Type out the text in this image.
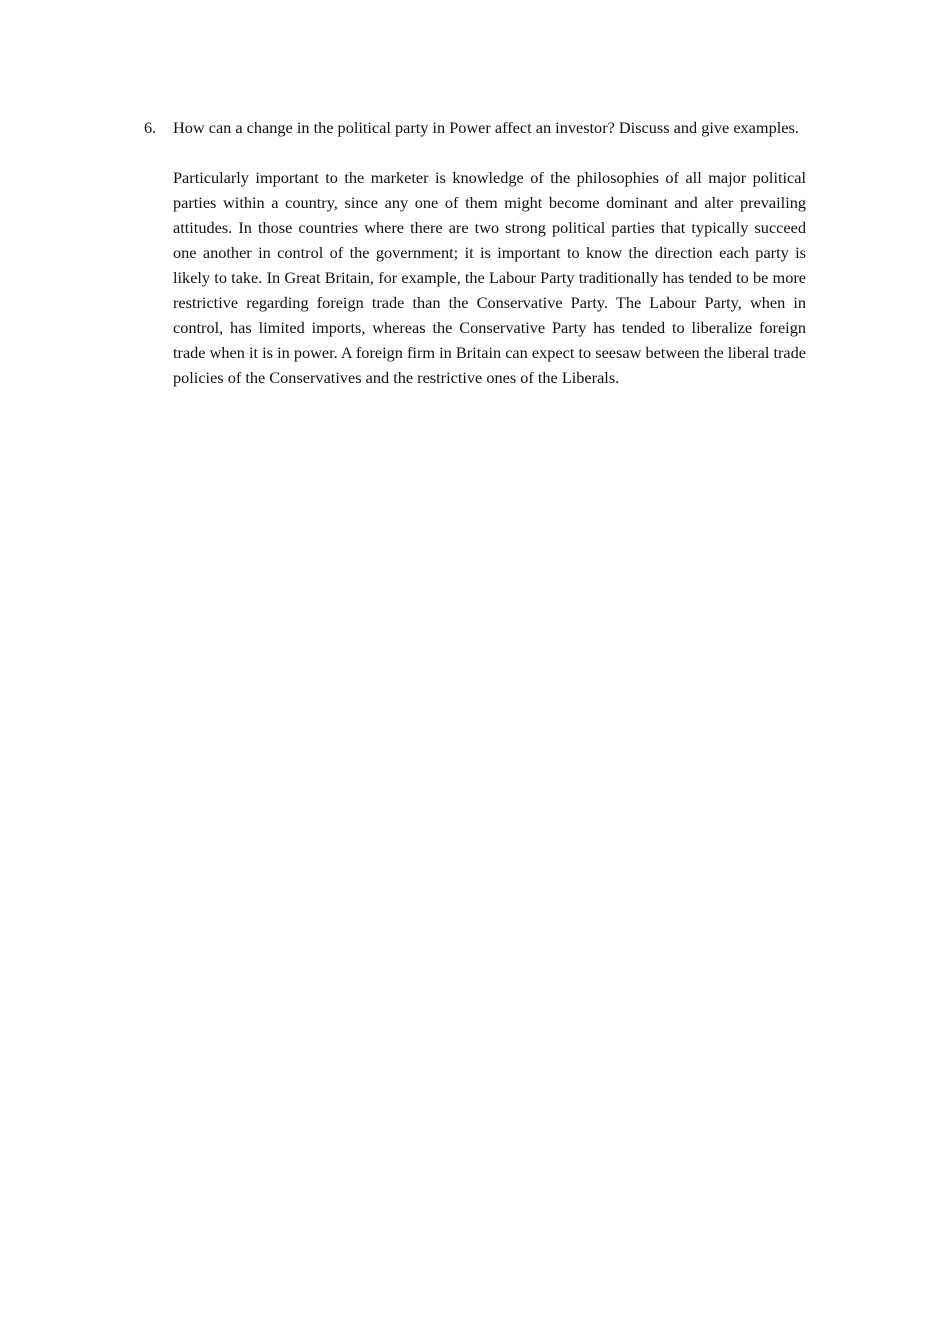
6.	How can a change in the political party in Power affect an investor? Discuss and give examples.

Particularly important to the marketer is knowledge of the philosophies of all major political parties within a country, since any one of them might become dominant and alter prevailing attitudes. In those countries where there are two strong political parties that typically succeed one another in control of the government; it is important to know the direction each party is likely to take. In Great Britain, for example, the Labour Party traditionally has tended to be more restrictive regarding foreign trade than the Conservative Party. The Labour Party, when in control, has limited imports, whereas the Conservative Party has tended to liberalize foreign trade when it is in power. A foreign firm in Britain can expect to seesaw between the liberal trade policies of the Conservatives and the restrictive ones of the Liberals.
